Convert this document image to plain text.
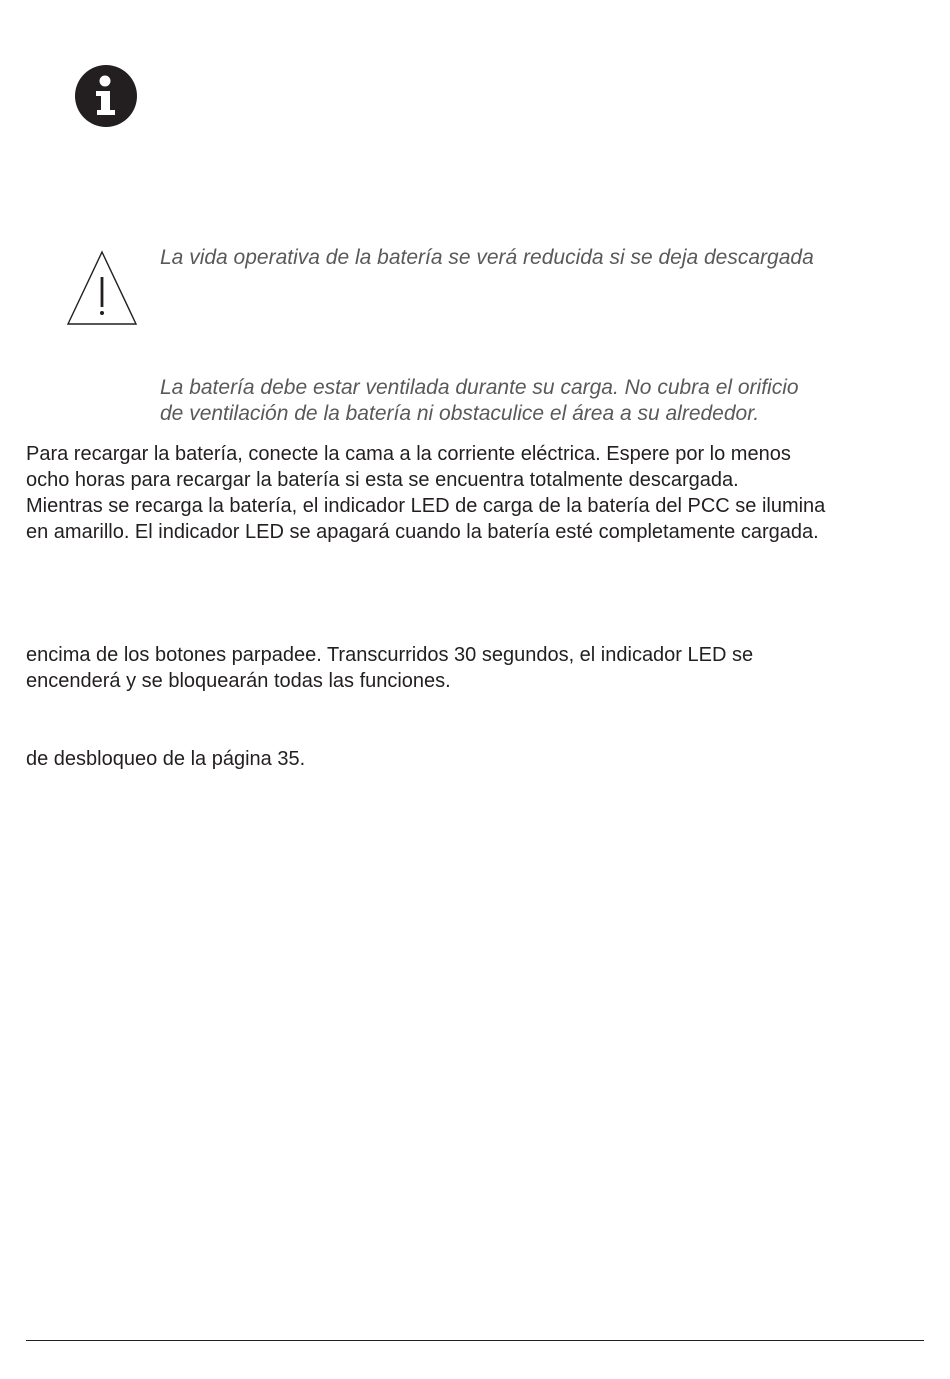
La vida operativa de la batería se verá reducida si se deja descargada
La batería debe estar ventilada durante su carga. No cubra el orificio
de ventilación de la batería ni obstaculice el área a su alrededor.
Para recargar la batería, conecte la cama a la corriente eléctrica. Espere por lo menos
ocho horas para recargar la batería si esta se encuentra totalmente descargada.
Mientras se recarga la batería, el indicador LED de carga de la batería del PCC se ilumina
en amarillo. El indicador LED se apagará cuando la batería esté completamente cargada.
encima de los botones parpadee. Transcurridos 30 segundos, el indicador LED se
encenderá y se bloquearán todas las funciones.
de desbloqueo de la página 35.
